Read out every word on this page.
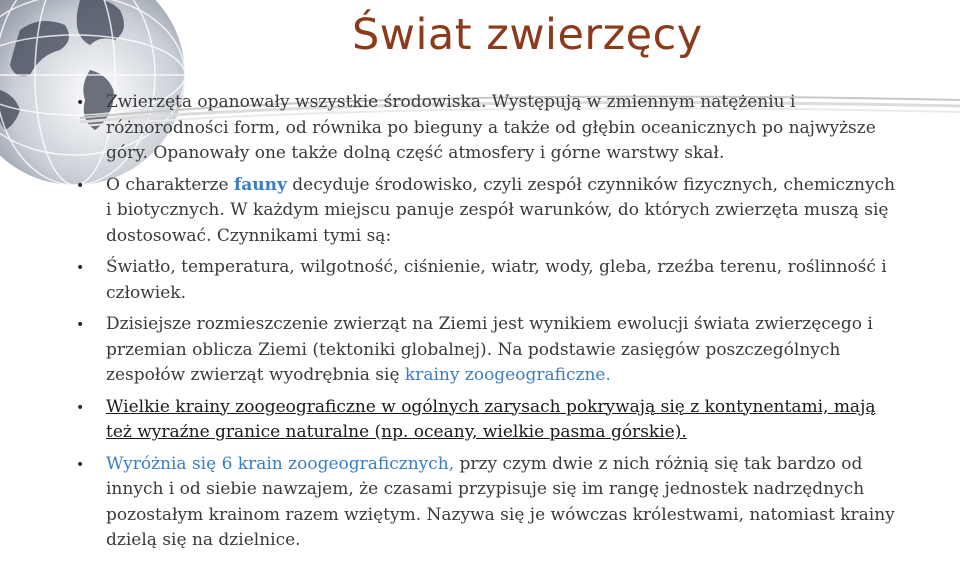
Świat zwierzęcy
• Zwierzęta opanowały wszystkie środowiska. Występują w zmiennym natężeniu i różnorodności form, od równika po bieguny a także od głębin oceanicznych po najwyższe góry. Opanowały one także dolną część atmosfery i górne warstwy skał.
• O charakterze fauny decyduje środowisko, czyli zespół czynników fizycznych, chemicznych i biotycznych. W każdym miejscu panuje zespół warunków, do których zwierzęta muszą się dostosować. Czynnikami tymi są:
• Światło, temperatura, wilgotność, ciśnienie, wiatr, wody, gleba, rzeźba terenu, roślinność i człowiek.
• Dzisiejsze rozmieszczenie zwierząt na Ziemi jest wynikiem ewolucji świata zwierzęcego i przemian oblicza Ziemi (tektoniki globalnej). Na podstawie zasięgów poszczególnych zespołów zwierząt wyodrębnia się krainy zoogeograficzne.
• Wielkie krainy zoogeograficzne w ogólnych zarysach pokrywają się z kontynentami, mają też wyraźne granice naturalne (np. oceany, wielkie pasma górskie).
• Wyróżnia się 6 krain zoogeograficznych, przy czym dwie z nich różnią się tak bardzo od innych i od siebie nawzajem, że czasami przypisuje się im rangę jednostek nadrzędnych pozostałym krainom razem wziętym. Nazywa się je wówczas królestwami, natomiast krainy dzielą się na dzielnice.
